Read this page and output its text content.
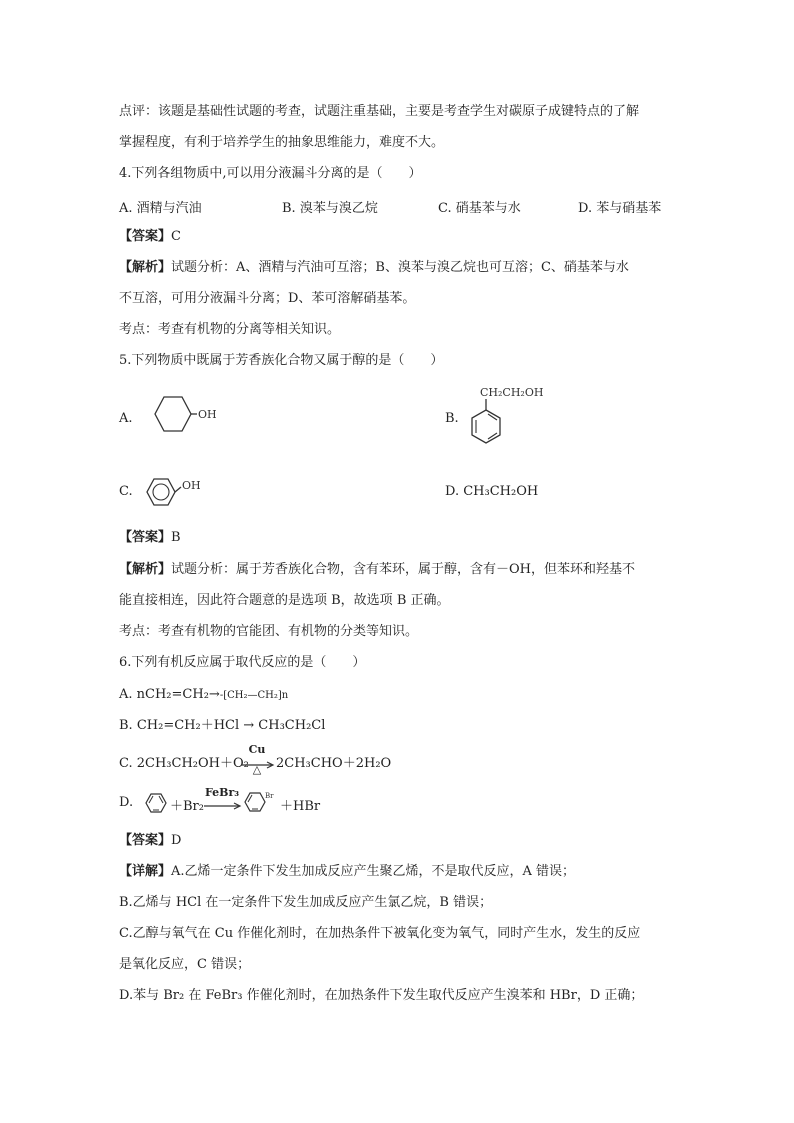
点评：该题是基础性试题的考查，试题注重基础，主要是考查学生对碳原子成键特点的了解
掌握程度，有利于培养学生的抽象思维能力，难度不大。
4.下列各组物质中,可以用分液漏斗分离的是（　　）
A. 酒精与汽油	B. 溴苯与溴乙烷	C. 硝基苯与水	D. 苯与硝基苯
【答案】C
【解析】试题分析：A、酒精与汽油可互溶；B、溴苯与溴乙烷也可互溶；C、硝基苯与水
不互溶，可用分液漏斗分离；D、苯可溶解硝基苯。
考点：考查有机物的分离等相关知识。
5.下列物质中既属于芳香族化合物又属于醇的是（　　）
A.	OH	B.
CH₂CH₂OH
C.	OH	D. CH₃CH₂OH
【答案】B
【解析】试题分析：属于芳香族化合物，含有苯环，属于醇，含有－OH，但苯环和羟基不
能直接相连，因此符合题意的是选项 B，故选项 B 正确。
考点：考查有机物的官能团、有机物的分类等知识。
6.下列有机反应属于取代反应的是（　　）
A. nCH₂=CH₂→-[CH₂—CH₂]n
B. CH₂=CH₂＋HCl → CH₃CH₂Cl
C. 2CH₃CH₂OH＋O₂
Cu
△	2CH₃CHO＋2H₂O
D.	＋Br₂
FeBr₃	Br
＋HBr
【答案】D
【详解】A.乙烯一定条件下发生加成反应产生聚乙烯，不是取代反应，A 错误；
B.乙烯与 HCl 在一定条件下发生加成反应产生氯乙烷，B 错误；
C.乙醇与氧气在 Cu 作催化剂时，在加热条件下被氧化变为氧气，同时产生水，发生的反应
是氧化反应，C 错误；
D.苯与 Br₂ 在 FeBr₃ 作催化剂时，在加热条件下发生取代反应产生溴苯和 HBr，D 正确；
